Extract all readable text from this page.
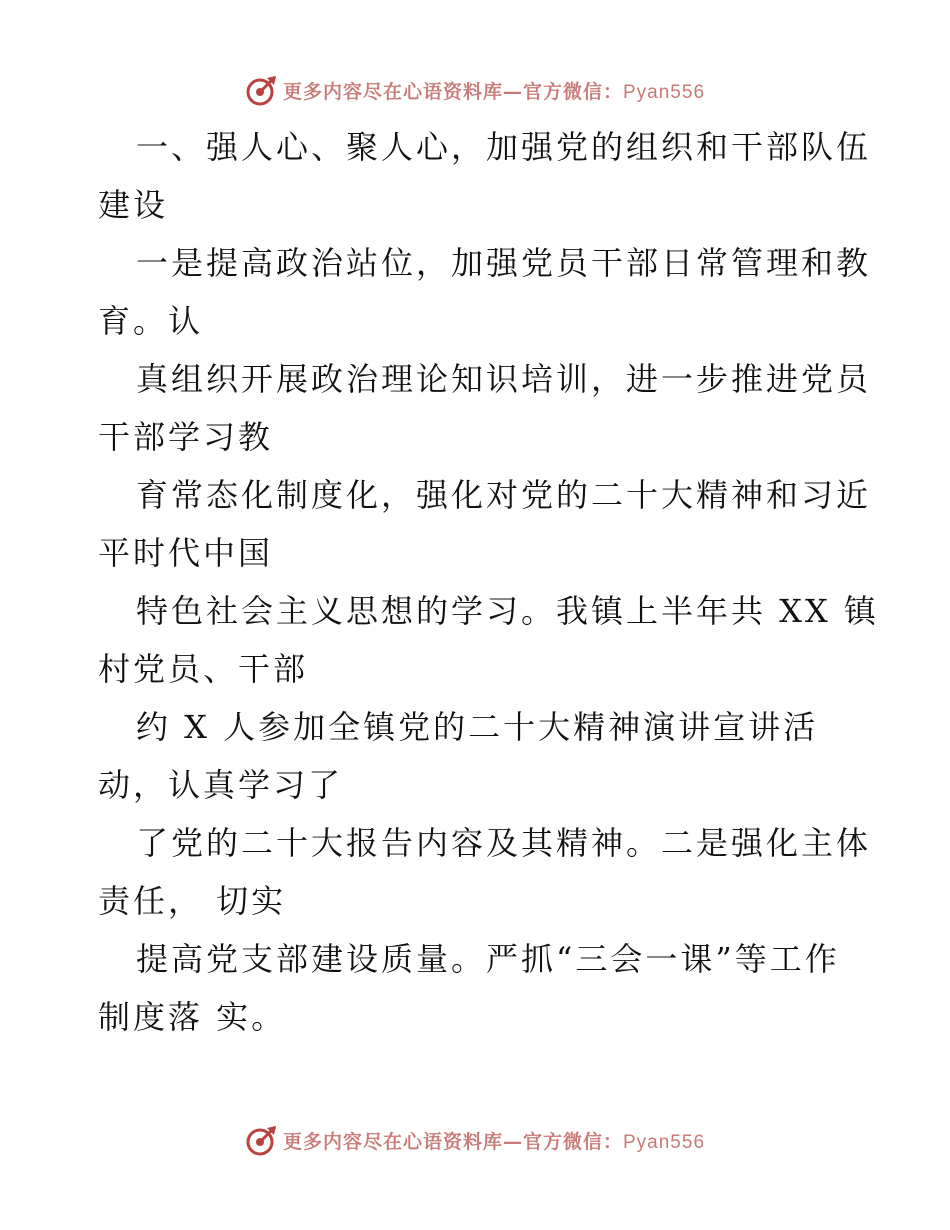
更多内容尽在心语资料库—官方微信：Pyan556
一、强人心、聚人心，加强党的组织和干部队伍
建设
一是提高政治站位，加强党员干部日常管理和教
育。认
真组织开展政治理论知识培训，进一步推进党员
干部学习教
育常态化制度化，强化对党的二十大精神和习近
平时代中国
特色社会主义思想的学习。我镇上半年共 XX 镇
村党员、干部
约 X 人参加全镇党的二十大精神演讲宣讲活
动，认真学习了
了党的二十大报告内容及其精神。二是强化主体
责任， 切实
提高党支部建设质量。严抓“三会一课”等工作
制度落 实。
更多内容尽在心语资料库—官方微信：Pyan556
